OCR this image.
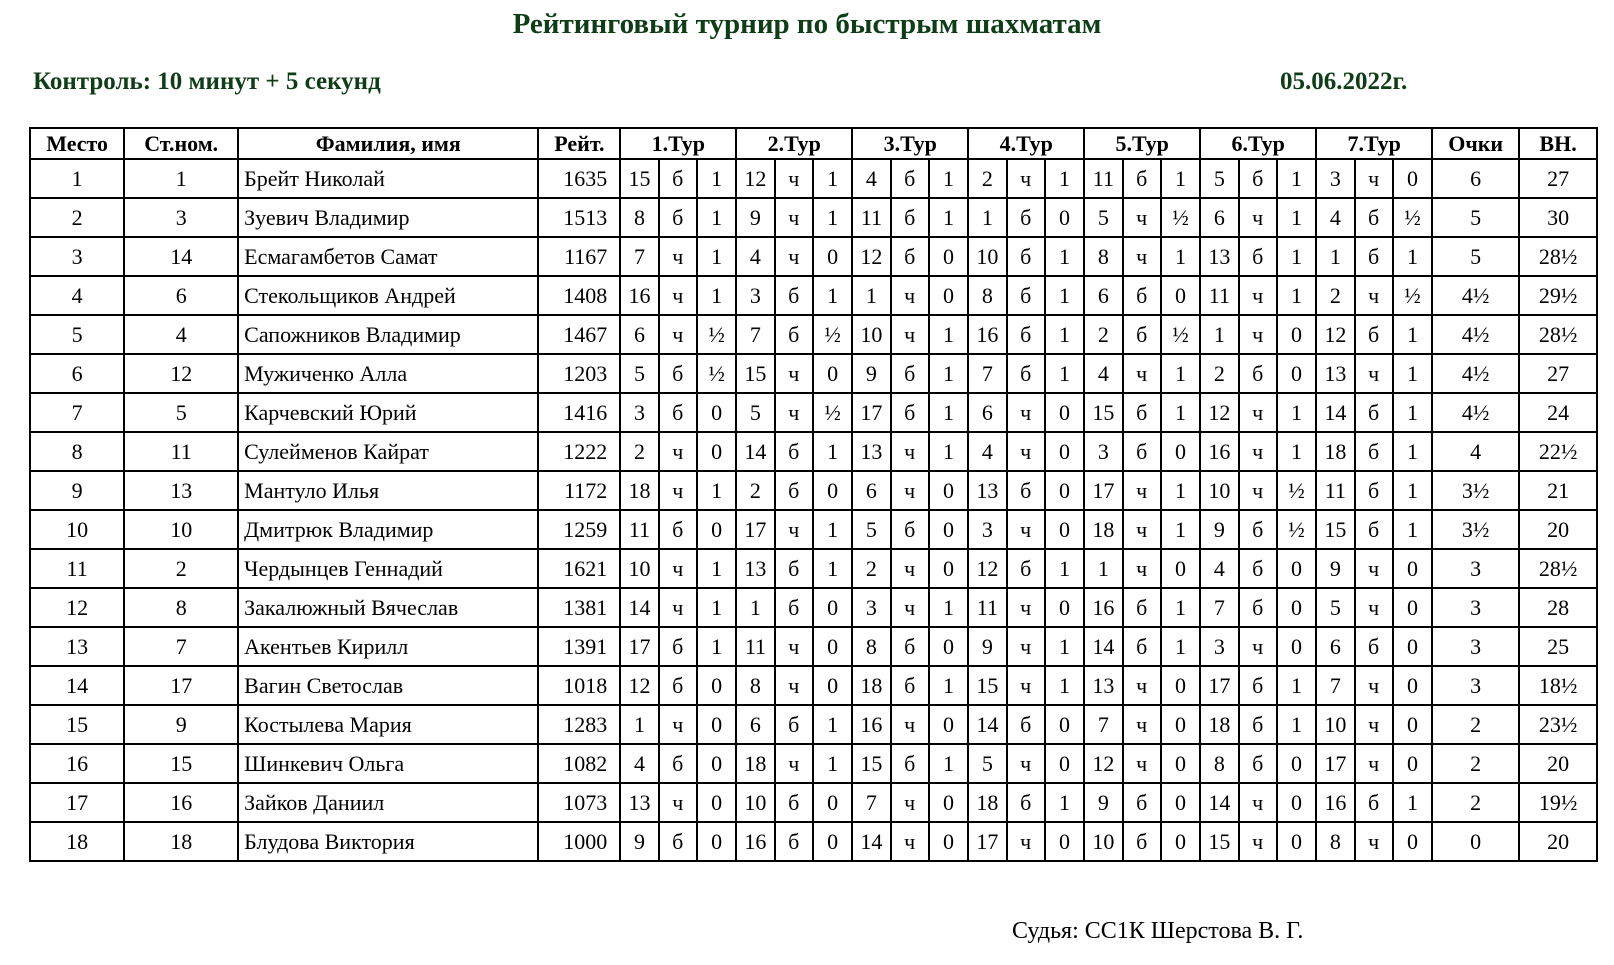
Рейтинговый турнир по быстрым шахматам
Контроль: 10 минут + 5 секунд	05.06.2022г.
Место	Ст.ном.	Фамилия, имя	Рейт.	1.Тур			2.Тур			3.Тур			4.Тур			5.Тур			6.Тур			7.Тур			Очки	ВН.
1	1	Брейт Николай	1635	15	б	1	12	ч	1	4	б	1	2	ч	1	11	б	1	5	б	1	3	ч	0	6	27
2	3	Зуевич Владимир	1513	8	б	1	9	ч	1	11	б	1	1	б	0	5	ч	½	6	ч	1	4	б	½	5	30
3	14	Есмагамбетов Самат	1167	7	ч	1	4	ч	0	12	б	0	10	б	1	8	ч	1	13	б	1	1	б	1	5	28½
4	6	Стекольщиков Андрей	1408	16	ч	1	3	б	1	1	ч	0	8	б	1	6	б	0	11	ч	1	2	ч	½	4½	29½
5	4	Сапожников Владимир	1467	6	ч	½	7	б	½	10	ч	1	16	б	1	2	б	½	1	ч	0	12	б	1	4½	28½
6	12	Мужиченко Алла	1203	5	б	½	15	ч	0	9	б	1	7	б	1	4	ч	1	2	б	0	13	ч	1	4½	27
7	5	Карчевский Юрий	1416	3	б	0	5	ч	½	17	б	1	6	ч	0	15	б	1	12	ч	1	14	б	1	4½	24
8	11	Сулейменов Кайрат	1222	2	ч	0	14	б	1	13	ч	1	4	ч	0	3	б	0	16	ч	1	18	б	1	4	22½
9	13	Мантуло Илья	1172	18	ч	1	2	б	0	6	ч	0	13	б	0	17	ч	1	10	ч	½	11	б	1	3½	21
10	10	Дмитрюк Владимир	1259	11	б	0	17	ч	1	5	б	0	3	ч	0	18	ч	1	9	б	½	15	б	1	3½	20
11	2	Чердынцев Геннадий	1621	10	ч	1	13	б	1	2	ч	0	12	б	1	1	ч	0	4	б	0	9	ч	0	3	28½
12	8	Закалюжный Вячеслав	1381	14	ч	1	1	б	0	3	ч	1	11	ч	0	16	б	1	7	б	0	5	ч	0	3	28
13	7	Акентьев Кирилл	1391	17	б	1	11	ч	0	8	б	0	9	ч	1	14	б	1	3	ч	0	6	б	0	3	25
14	17	Вагин Светослав	1018	12	б	0	8	ч	0	18	б	1	15	ч	1	13	ч	0	17	б	1	7	ч	0	3	18½
15	9	Костылева Мария	1283	1	ч	0	6	б	1	16	ч	0	14	б	0	7	ч	0	18	б	1	10	ч	0	2	23½
16	15	Шинкевич Ольга	1082	4	б	0	18	ч	1	15	б	1	5	ч	0	12	ч	0	8	б	0	17	ч	0	2	20
17	16	Зайков Даниил	1073	13	ч	0	10	б	0	7	ч	0	18	б	1	9	б	0	14	ч	0	16	б	1	2	19½
18	18	Блудова Виктория	1000	9	б	0	16	б	0	14	ч	0	17	ч	0	10	б	0	15	ч	0	8	ч	0	0	20
Судья: СС1К Шерстова В. Г.
